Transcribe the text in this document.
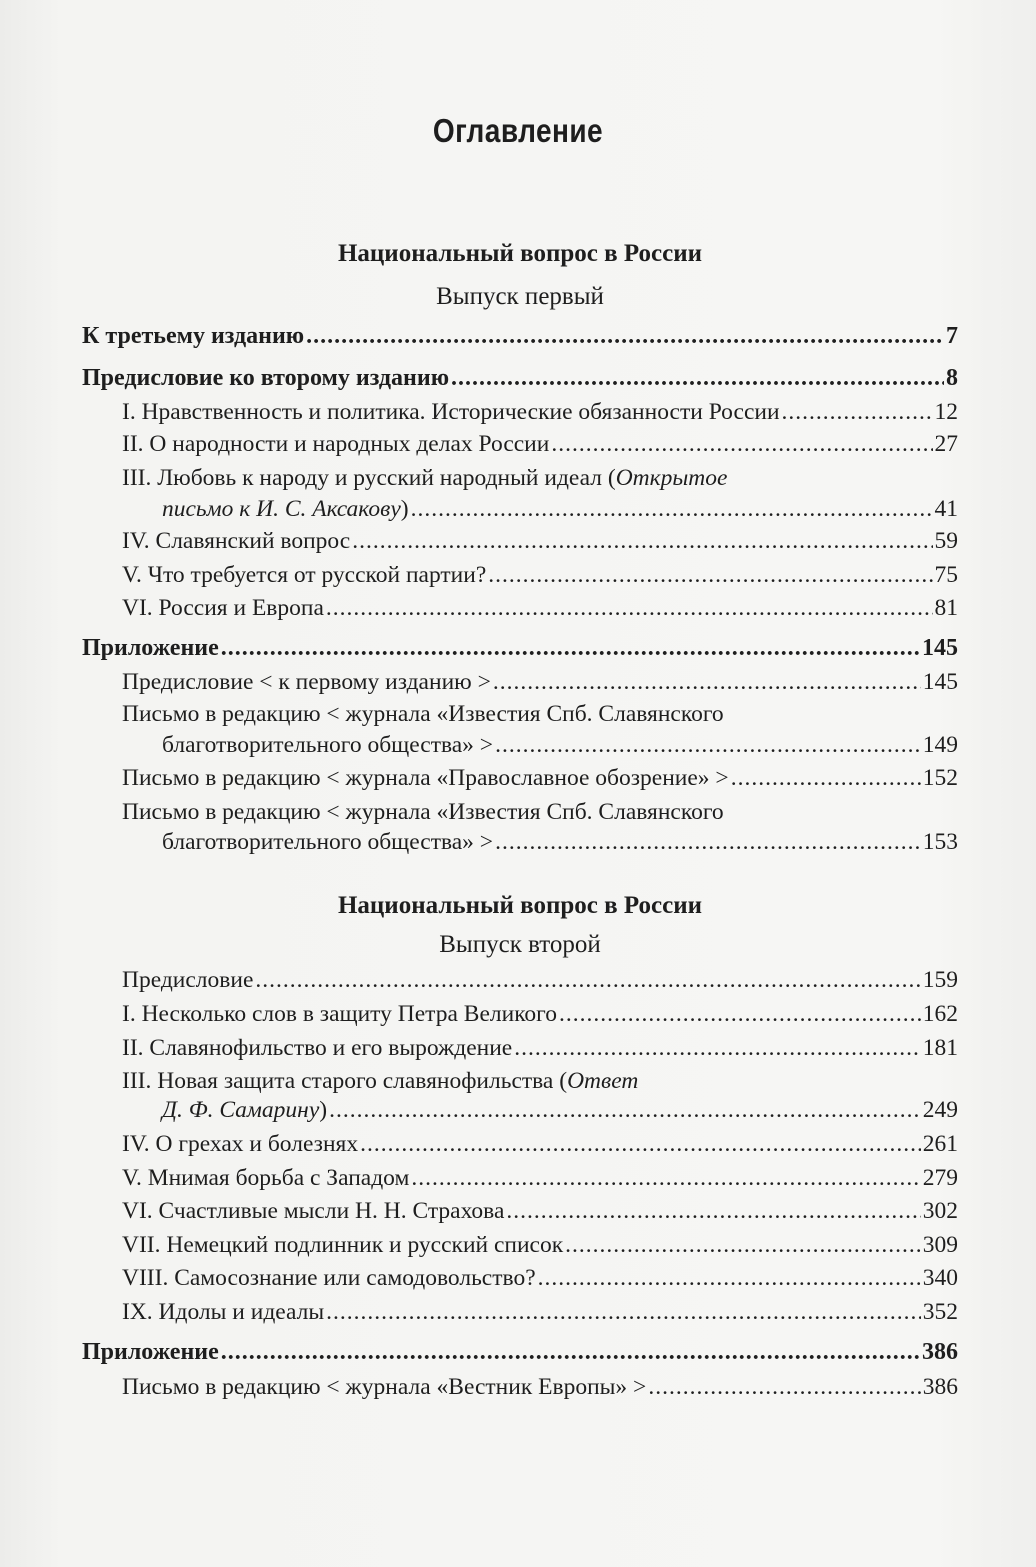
Оглавление
Национальный вопрос в России
Выпуск первый
К третьему изданию .....	7
Предисловие ко второму изданию .....	8
I. Нравственность и политика. Исторические обязанности России .....	12
II. О народности и народных делах России .....	27
III. Любовь к народу и русский народный идеал (Открытое
письмо к И. С. Аксакову) .....	41
IV. Славянский вопрос .....	59
V. Что требуется от русской партии? .....	75
VI. Россия и Европа .....	81
Приложение .....	145
Предисловие < к первому изданию > .....	145
Письмо в редакцию < журнала «Известия Спб. Славянского
благотворительного общества» > .....	149
Письмо в редакцию < журнала «Православное обозрение» > .....	152
Письмо в редакцию < журнала «Известия Спб. Славянского
благотворительного общества» > .....	153
Национальный вопрос в России
Выпуск второй
Предисловие .....	159
I. Несколько слов в защиту Петра Великого .....	162
II. Славянофильство и его вырождение .....	181
III. Новая защита старого славянофильства (Ответ
Д. Ф. Самарину) .....	249
IV. О грехах и болезнях .....	261
V. Мнимая борьба с Западом .....	279
VI. Счастливые мысли Н. Н. Страхова .....	302
VII. Немецкий подлинник и русский список .....	309
VIII. Самосознание или самодовольство? .....	340
IX. Идолы и идеалы .....	352
Приложение .....	386
Письмо в редакцию < журнала «Вестник Европы» > .....	386
